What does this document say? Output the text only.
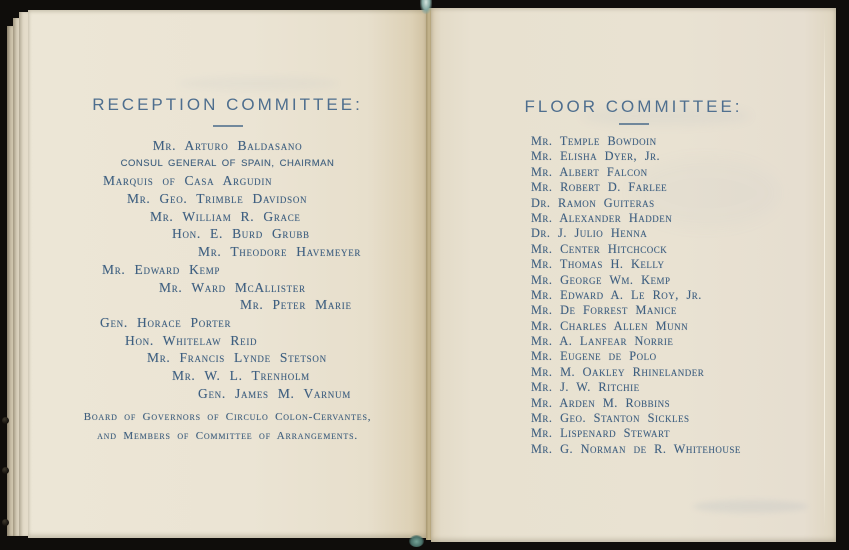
RECEPTION COMMITTEE:
Mr. Arturo Baldasano
CONSUL GENERAL OF SPAIN, CHAIRMAN
Marquis of Casa Argudin
Mr. Geo. Trimble Davidson
Mr. William R. Grace
Hon. E. Burd Grubb
Mr. Theodore Havemeyer
Mr. Edward Kemp
Mr. Ward McAllister
Mr. Peter Marie
Gen. Horace Porter
Hon. Whitelaw Reid
Mr. Francis Lynde Stetson
Mr. W. L. Trenholm
Gen. James M. Varnum
Board of Governors of Circulo Colon-Cervantes,
and Members of Committee of Arrangements.
FLOOR COMMITTEE:
Mr. Temple Bowdoin
Mr. Elisha Dyer, Jr.
Mr. Albert Falcon
Mr. Robert D. Farlee
Dr. Ramon Guiteras
Mr. Alexander Hadden
Dr. J. Julio Henna
Mr. Center Hitchcock
Mr. Thomas H. Kelly
Mr. George Wm. Kemp
Mr. Edward A. Le Roy, Jr.
Mr. De Forrest Manice
Mr. Charles Allen Munn
Mr. A. Lanfear Norrie
Mr. Eugene de Polo
Mr. M. Oakley Rhinelander
Mr. J. W. Ritchie
Mr. Arden M. Robbins
Mr. Geo. Stanton Sickles
Mr. Lispenard Stewart
Mr. G. Norman de R. Whitehouse
